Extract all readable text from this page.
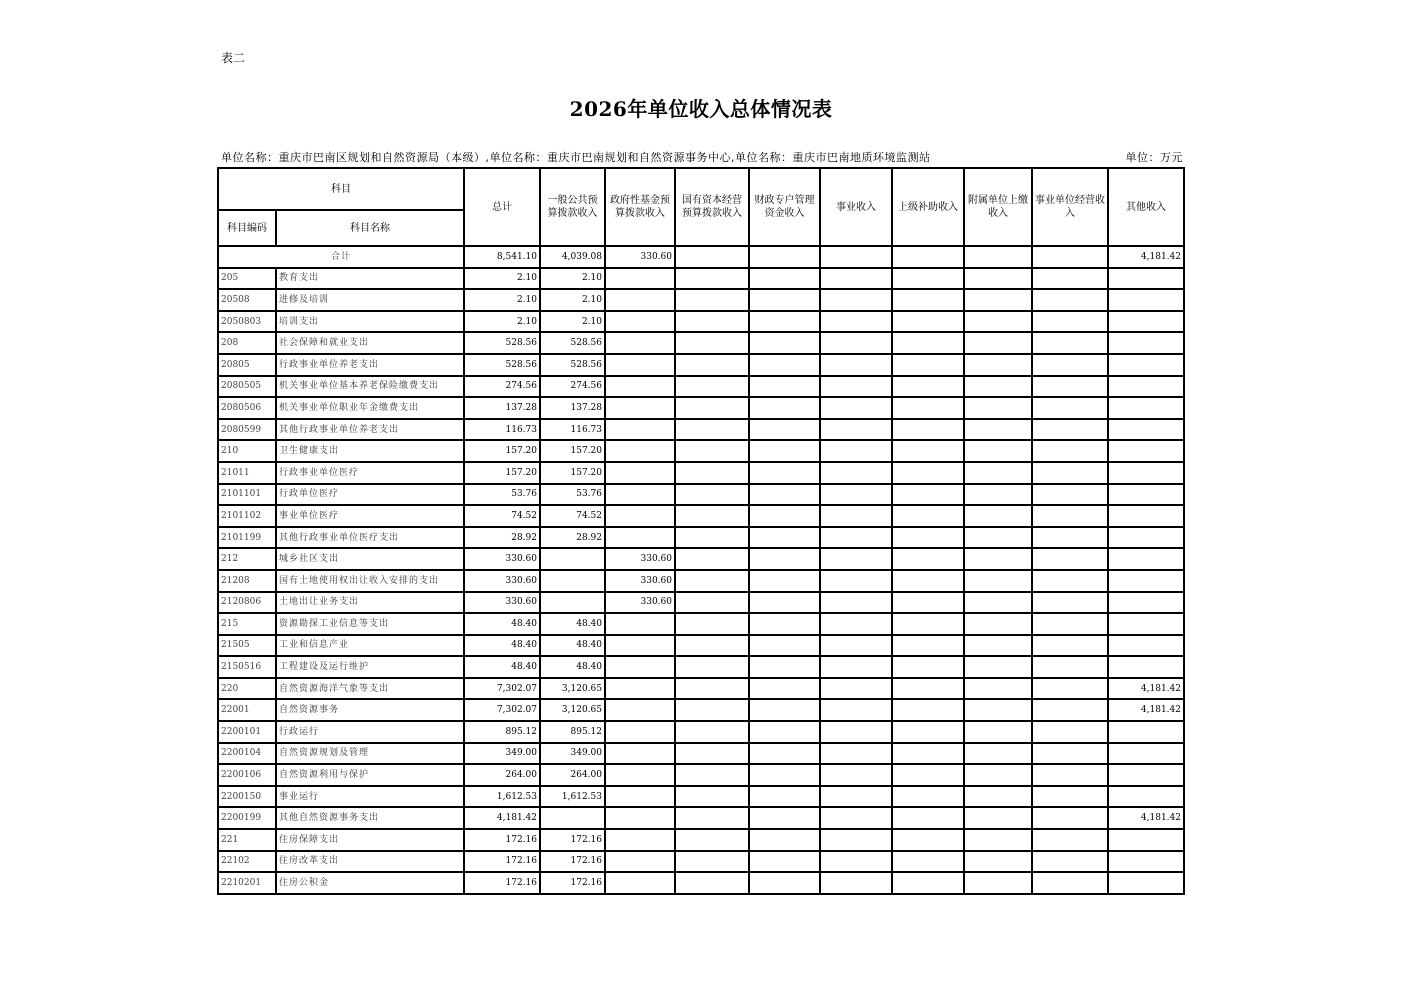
表二
2026年单位收入总体情况表
单位名称：重庆市巴南区规划和自然资源局（本级）,单位名称：重庆市巴南规划和自然资源事务中心,单位名称：重庆市巴南地质环境监测站	单位：万元
科目		总计	一般公共预算拨款收入	政府性基金预算拨款收入	国有资本经营预算拨款收入	财政专户管理资金收入	事业收入	上级补助收入	附属单位上缴收入	事业单位经营收入	其他收入
科目编码	科目名称										
合计		8,541.10	4,039.08	330.60							4,181.42
205	教育支出	2.10	2.10								
20508	进修及培训	2.10	2.10								
2050803	培训支出	2.10	2.10								
208	社会保障和就业支出	528.56	528.56								
20805	行政事业单位养老支出	528.56	528.56								
2080505	机关事业单位基本养老保险缴费支出	274.56	274.56								
2080506	机关事业单位职业年金缴费支出	137.28	137.28								
2080599	其他行政事业单位养老支出	116.73	116.73								
210	卫生健康支出	157.20	157.20								
21011	行政事业单位医疗	157.20	157.20								
2101101	行政单位医疗	53.76	53.76								
2101102	事业单位医疗	74.52	74.52								
2101199	其他行政事业单位医疗支出	28.92	28.92								
212	城乡社区支出	330.60		330.60							
21208	国有土地使用权出让收入安排的支出	330.60		330.60							
2120806	土地出让业务支出	330.60		330.60							
215	资源勘探工业信息等支出	48.40	48.40								
21505	工业和信息产业	48.40	48.40								
2150516	工程建设及运行维护	48.40	48.40								
220	自然资源海洋气象等支出	7,302.07	3,120.65								4,181.42
22001	自然资源事务	7,302.07	3,120.65								4,181.42
2200101	行政运行	895.12	895.12								
2200104	自然资源规划及管理	349.00	349.00								
2200106	自然资源利用与保护	264.00	264.00								
2200150	事业运行	1,612.53	1,612.53								
2200199	其他自然资源事务支出	4,181.42									4,181.42
221	住房保障支出	172.16	172.16								
22102	住房改革支出	172.16	172.16								
2210201	住房公积金	172.16	172.16								
